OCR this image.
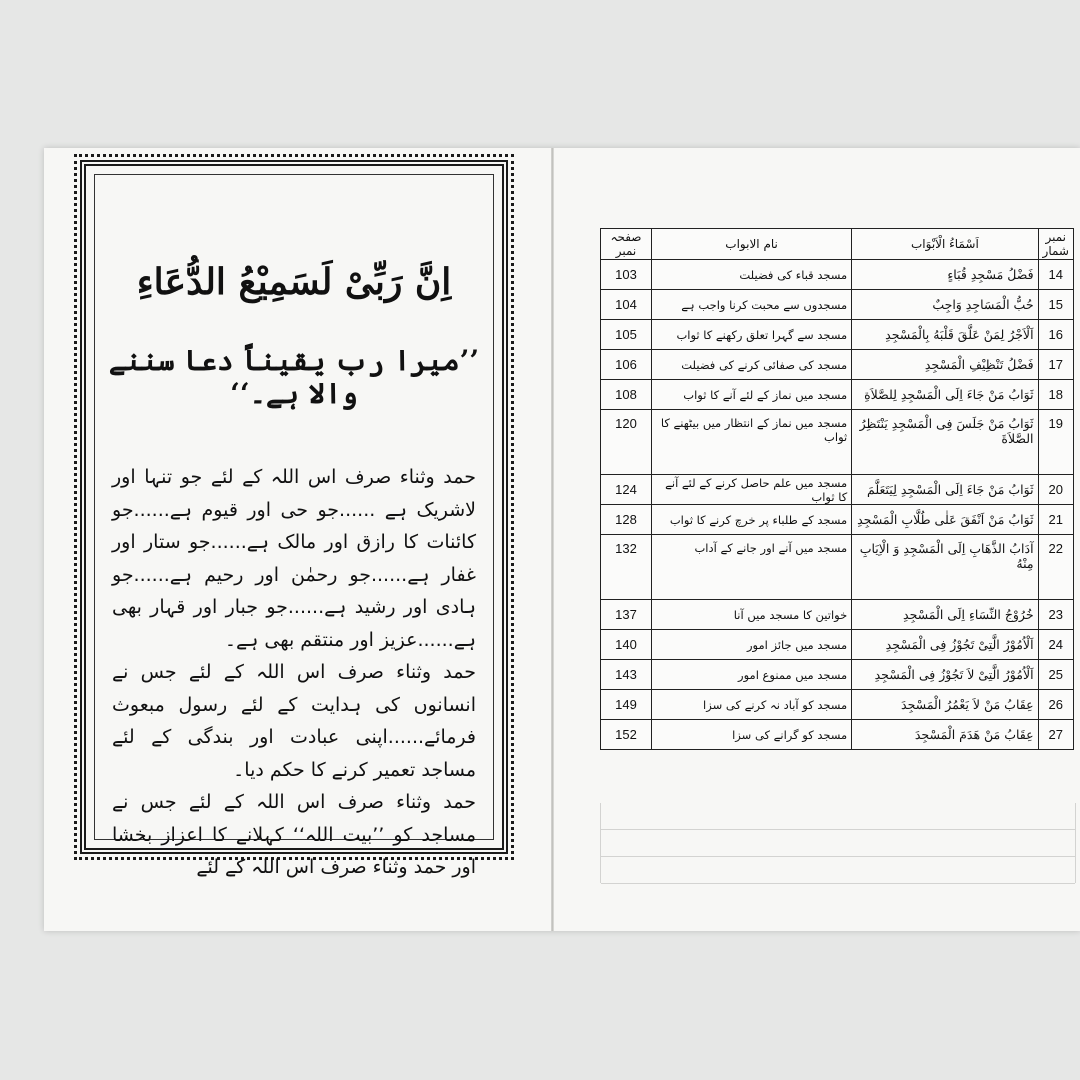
اِنَّ رَبِّیْ لَسَمِیْعُ الدُّعَاءِ
’’میرا رب یقیناً دعا سننے والا ہے۔‘‘

حمد وثناء صرف اس اللہ کے لئے جو تنہا اور لاشریک ہے ......جو حی اور قیوم ہے......جو کائنات کا رازق اور مالک ہے......جو ستار اور غفار ہے......جو رحمٰن اور رحیم ہے......جو ہادی اور رشید ہے......جو جبار اور قہار بھی ہے......عزیز اور منتقم بھی ہے۔

حمد وثناء صرف اس اللہ کے لئے جس نے انسانوں کی ہدایت کے لئے رسول مبعوث فرمائے......اپنی عبادت اور بندگی کے لئے مساجد تعمیر کرنے کا حکم دیا۔

حمد وثناء صرف اس اللہ کے لئے جس نے مساجد کو ’’بیت اللہ‘‘ کہلانے کا اعزاز بخشا اور حمد وثناء صرف اس اللہ کے لئے

نمبر شمار	اَسْمَاءُ الْاَبْوَاب	نام الابواب	صفحہ نمبر
14	فَضْلُ مَسْجِدِ قُبَاءٍ	مسجد قباء کی فضیلت	103
15	حُبُّ الْمَسَاجِدِ وَاجِبٌ	مسجدوں سے محبت کرنا واجب ہے	104
16	اَلْاَجْرُ لِمَنْ عَلَّقَ قَلْبَهُ بِالْمَسْجِدِ	مسجد سے گہرا تعلق رکھنے کا ثواب	105
17	فَضْلُ تَنْظِيْفِ الْمَسْجِدِ	مسجد کی صفائی کرنے کی فضیلت	106
18	ثَوَابُ مَنْ جَاءَ اِلَى الْمَسْجِدِ لِلصَّلاَةِ	مسجد میں نماز کے لئے آنے کا ثواب	108
19	ثَوَابُ مَنْ جَلَسَ فِى الْمَسْجِدِ يَنْتَظِرُ الصَّلاَةَ	مسجد میں نماز کے انتظار میں بیٹھنے کا ثواب	120
20	ثَوَابُ مَنْ جَاءَ اِلَى الْمَسْجِدِ لِيَتَعَلَّمَ	مسجد میں علم حاصل کرنے کے لئے آنے کا ثواب	124
21	ثَوَابُ مَنْ اَنْفَقَ عَلٰى طُلَّابِ الْمَسْجِدِ	مسجد کے طلباء پر خرچ کرنے کا ثواب	128
22	آدَابُ الذَّهَابِ اِلَى الْمَسْجِدِ وَ الْاِيَابِ مِنْهُ	مسجد میں آنے اور جانے کے آداب	132
23	خُرُوْجُ النِّسَاءِ اِلَى الْمَسْجِدِ	خواتین کا مسجد میں آنا	137
24	اَلْاُمُوْرُ الَّتِىْ تَجُوْزُ فِى الْمَسْجِدِ	مسجد میں جائز امور	140
25	اَلْاُمُوْرُ الَّتِىْ لاَ تَجُوْزُ فِى الْمَسْجِدِ	مسجد میں ممنوع امور	143
26	عِقَابُ مَنْ لاَ يَعْمُرُ الْمَسْجِدَ	مسجد کو آباد نہ کرنے کی سزا	149
27	عِقَابُ مَنْ هَدَمَ الْمَسْجِدَ	مسجد کو گرانے کی سزا	152
